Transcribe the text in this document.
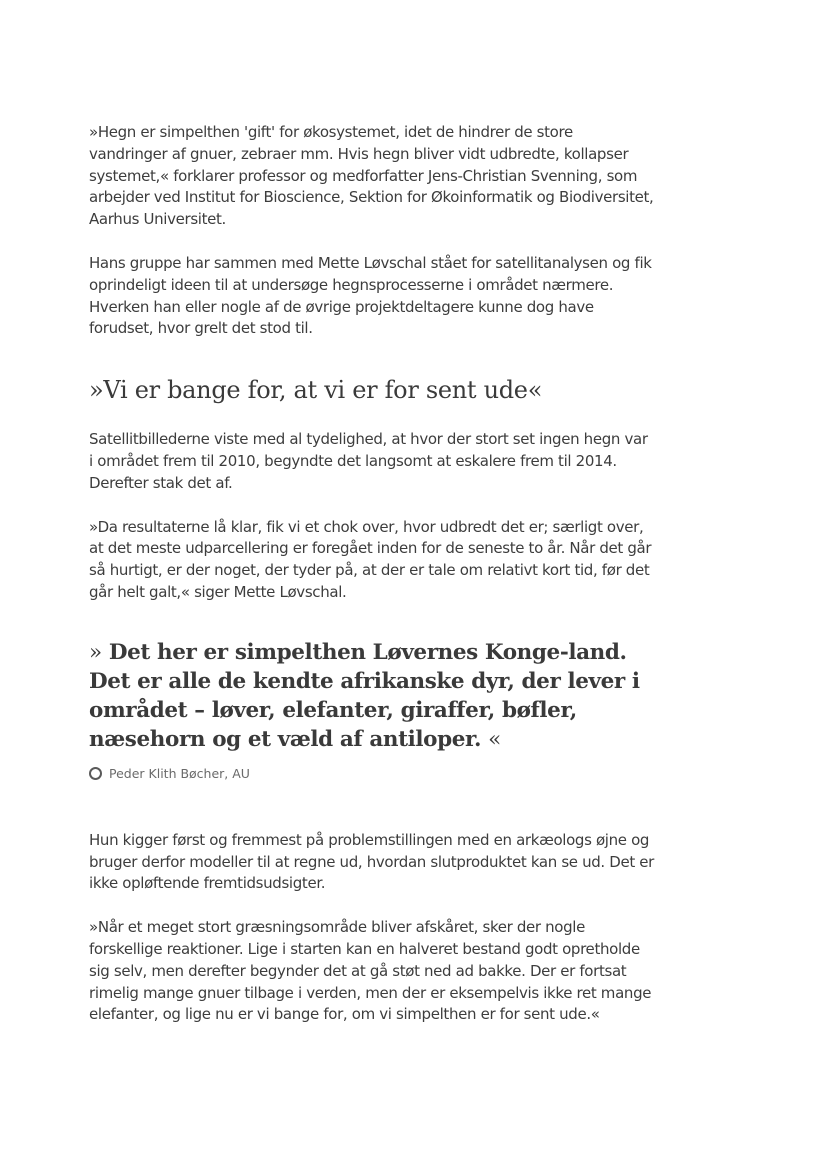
»Hegn er simpelthen 'gift' for økosystemet, idet de hindrer de store vandringer af gnuer, zebraer mm. Hvis hegn bliver vidt udbredte, kollapser systemet,« forklarer professor og medforfatter Jens-Christian Svenning, som arbejder ved Institut for Bioscience, Sektion for Økoinformatik og Biodiversitet, Aarhus Universitet.

Hans gruppe har sammen med Mette Løvschal stået for satellitanalysen og fik oprindeligt ideen til at undersøge hegnsprocesserne i området nærmere. Hverken han eller nogle af de øvrige projektdeltagere kunne dog have forudset, hvor grelt det stod til.

»Vi er bange for, at vi er for sent ude«

Satellitbillederne viste med al tydelighed, at hvor der stort set ingen hegn var i området frem til 2010, begyndte det langsomt at eskalere frem til 2014. Derefter stak det af.

»Da resultaterne lå klar, fik vi et chok over, hvor udbredt det er; særligt over, at det meste udparcellering er foregået inden for de seneste to år. Når det går så hurtigt, er der noget, der tyder på, at der er tale om relativt kort tid, før det går helt galt,« siger Mette Løvschal.

» Det her er simpelthen Løvernes Konge-land. Det er alle de kendte afrikanske dyr, der lever i området – løver, elefanter, giraffer, bøfler, næsehorn og et væld af antiloper. «

Peder Klith Bøcher, AU

Hun kigger først og fremmest på problemstillingen med en arkæologs øjne og bruger derfor modeller til at regne ud, hvordan slutproduktet kan se ud. Det er ikke opløftende fremtidsudsigter.

»Når et meget stort græsningsområde bliver afskåret, sker der nogle forskellige reaktioner. Lige i starten kan en halveret bestand godt opretholde sig selv, men derefter begynder det at gå støt ned ad bakke. Der er fortsat rimelig mange gnuer tilbage i verden, men der er eksempelvis ikke ret mange elefanter, og lige nu er vi bange for, om vi simpelthen er for sent ude.«
